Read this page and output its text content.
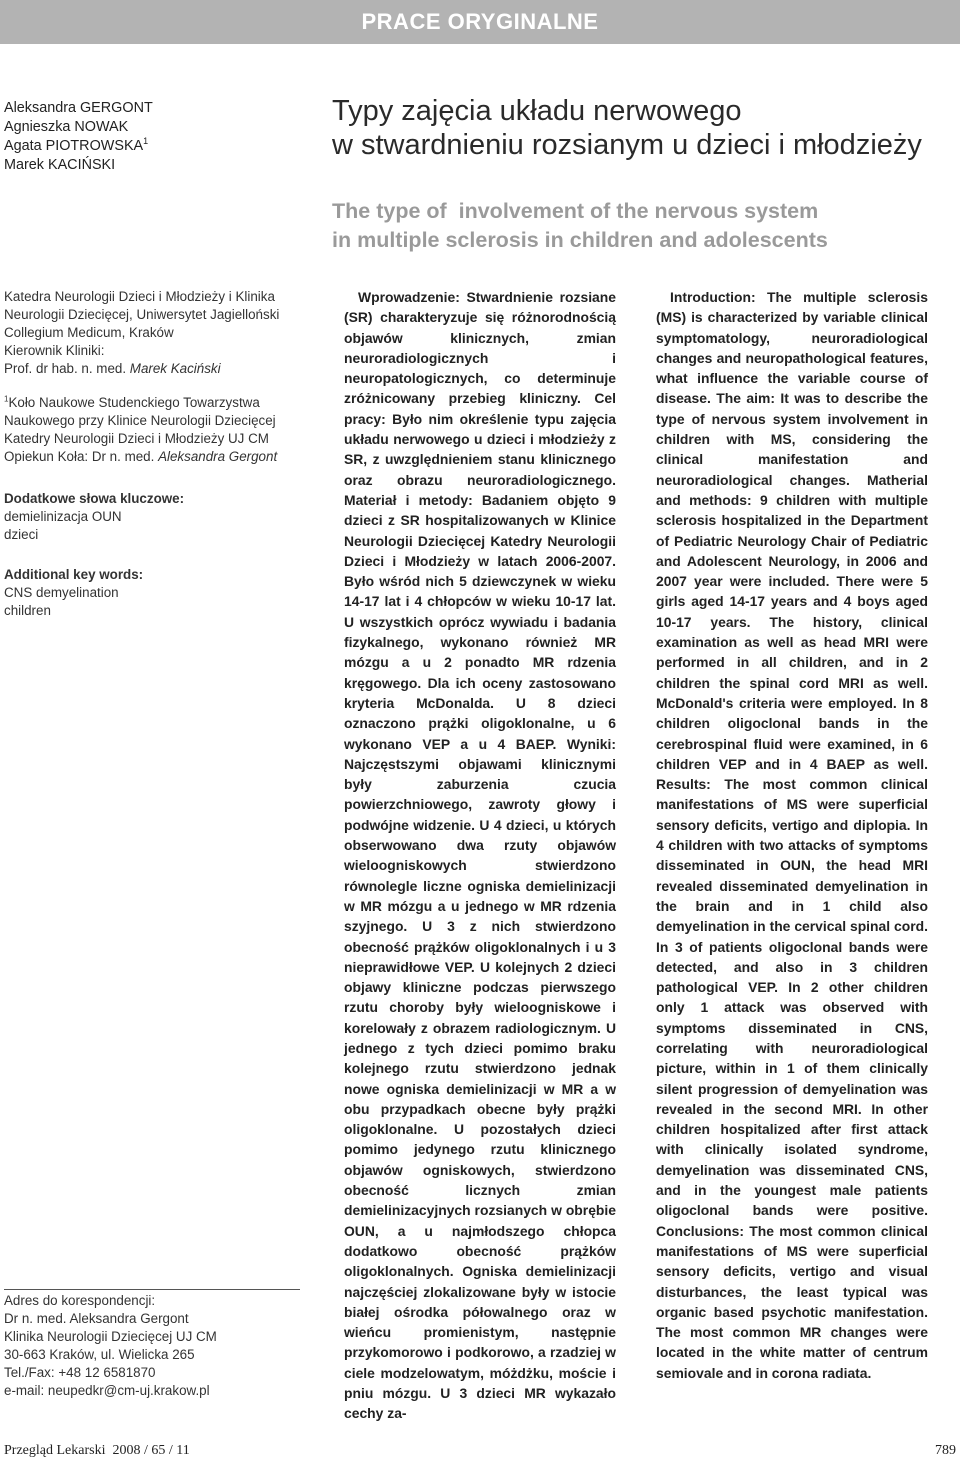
PRACE ORYGINALNE
Aleksandra GERGONT
Agnieszka NOWAK
Agata PIOTROWSKA$^1$
Marek KACIŃSKI
Typy zajęcia układu nerwowego
w stwardnieniu rozsianym u dzieci i młodzieży
The type of  involvement of the nervous system
in multiple sclerosis in children and adolescents

Katedra Neurologii Dzieci i Młodzieży i Klinika

Neurologii Dziecięcej, Uniwersytet Jagielloński

Collegium Medicum, Kraków

Kierownik Kliniki:

Prof. dr hab. n. med. Marek Kaciński

$^1$Koło Naukowe Studenckiego Towarzystwa

Naukowego przy Klinice Neurologii Dziecięcej

Katedry Neurologii Dzieci i Młodzieży UJ CM

Opiekun Koła: Dr n. med. Aleksandra Gergont

Dodatkowe słowa kluczowe:

demielinizacja OUN

dzieci

Additional key words:

CNS demyelination

children

Adres do korespondencji:

Dr n. med. Aleksandra Gergont

Klinika Neurologii Dziecięcej UJ CM

30-663 Kraków, ul. Wielicka 265

Tel./Fax: +48 12 6581870

e-mail: neupedkr@cm-uj.krakow.pl

Wprowadzenie: Stwardnienie rozsiane (SR) charakteryzuje się różnorodnością objawów klinicznych, zmian neuroradiologicznych i neuropatologicznych, co determinuje zróżnicowany przebieg kliniczny. Cel pracy: Było nim określenie typu zajęcia układu nerwowego u dzieci i młodzieży z SR, z uwzględnieniem stanu klinicznego oraz obrazu neuroradiologicznego. Materiał i metody: Badaniem objęto 9 dzieci z SR hospitalizowanych w Klinice Neurologii Dziecięcej Katedry Neurologii Dzieci i Młodzieży w latach 2006-2007. Było wśród nich 5 dziewczynek w wieku 14-17 lat i 4 chłopców w wieku 10-17 lat. U wszystkich oprócz wywiadu i badania fizykalnego, wykonano również MR mózgu a u 2 ponadto MR rdzenia kręgowego. Dla ich oceny zastosowano kryteria McDonalda. U 8 dzieci oznaczono prążki oligoklonalne, u 6 wykonano VEP a u 4 BAEP. Wyniki: Najczęstszymi objawami klinicznymi były zaburzenia czucia powierzchniowego, zawroty głowy i podwójne widzenie. U 4 dzieci, u których obserwowano dwa rzuty objawów wieloogniskowych stwierdzono równolegle liczne ogniska demielinizacji w MR mózgu a u jednego w MR rdzenia szyjnego. U 3 z nich stwierdzono obecność prążków oligoklonalnych i u 3 nieprawidłowe VEP. U kolejnych 2 dzieci objawy kliniczne podczas pierwszego rzutu choroby były wieloogniskowe i korelowały z obrazem radiologicznym. U jednego z tych dzieci pomimo braku kolejnego rzutu stwierdzono jednak nowe ogniska demielinizacji w MR a w obu przypadkach obecne były prążki oligoklonalne. U pozostałych dzieci pomimo jedynego rzutu klinicznego objawów ogniskowych, stwierdzono obecność licznych zmian demielinizacyjnych rozsianych w obrębie OUN, a u najmłodszego chłopca dodatkowo obecność prążków oligoklonalnych. Ogniska demielinizacji najczęściej zlokalizowane były w istocie białej ośrodka półowalnego oraz w wieńcu promienistym, następnie przykomorowo i podkorowo, a rzadziej w ciele modzelowatym, móżdżku, moście i pniu mózgu. U 3 dzieci MR wykazało cechy za-

Introduction: The multiple sclerosis (MS) is characterized by variable clinical symptomatology, neuroradiological changes and neuropathological features, what influence the variable course of disease. The aim: It was to describe the type of nervous system involvement in children with MS, considering the clinical manifestation and neuroradiological changes. Matherial and methods: 9 children with multiple sclerosis hospitalized in the Department of Pediatric Neurology Chair of Pediatric and Adolescent Neurology, in 2006 and 2007 year were included. There were 5 girls aged 14-17 years and 4 boys aged 10-17 years. The history, clinical examination as well as head MRI were performed in all children, and in 2 children the spinal cord MRI as well. McDonald's criteria were employed. In 8 children oligoclonal bands in the cerebrospinal fluid were examined, in 6 children VEP and in 4 BAEP as well. Results: The most common clinical manifestations of MS were superficial sensory deficits, vertigo and diplopia. In 4 children with two attacks of symptoms disseminated in OUN, the head MRI revealed disseminated demyelination in the brain and in 1 child also demyelination in the cervical spinal cord. In 3 of patients oligoclonal bands were detected, and also in 3 children pathological VEP. In 2 other children only 1 attack was observed with symptoms disseminated in CNS, correlating with neuroradiological picture, within in 1 of them clinically silent progression of demyelination was revealed in the second MRI. In other children hospitalized after first attack with clinically isolated syndrome, demyelination was disseminated CNS, and in the youngest male patients oligoclonal bands were positive. Conclusions: The most common clinical manifestations of MS were superficial sensory deficits, vertigo and visual disturbances, the least typical was organic based psychotic manifestation. The most common MR changes were located in the white matter of centrum semiovale and in corona radiata.

Przegląd Lekarski  2008 / 65 / 11	789
